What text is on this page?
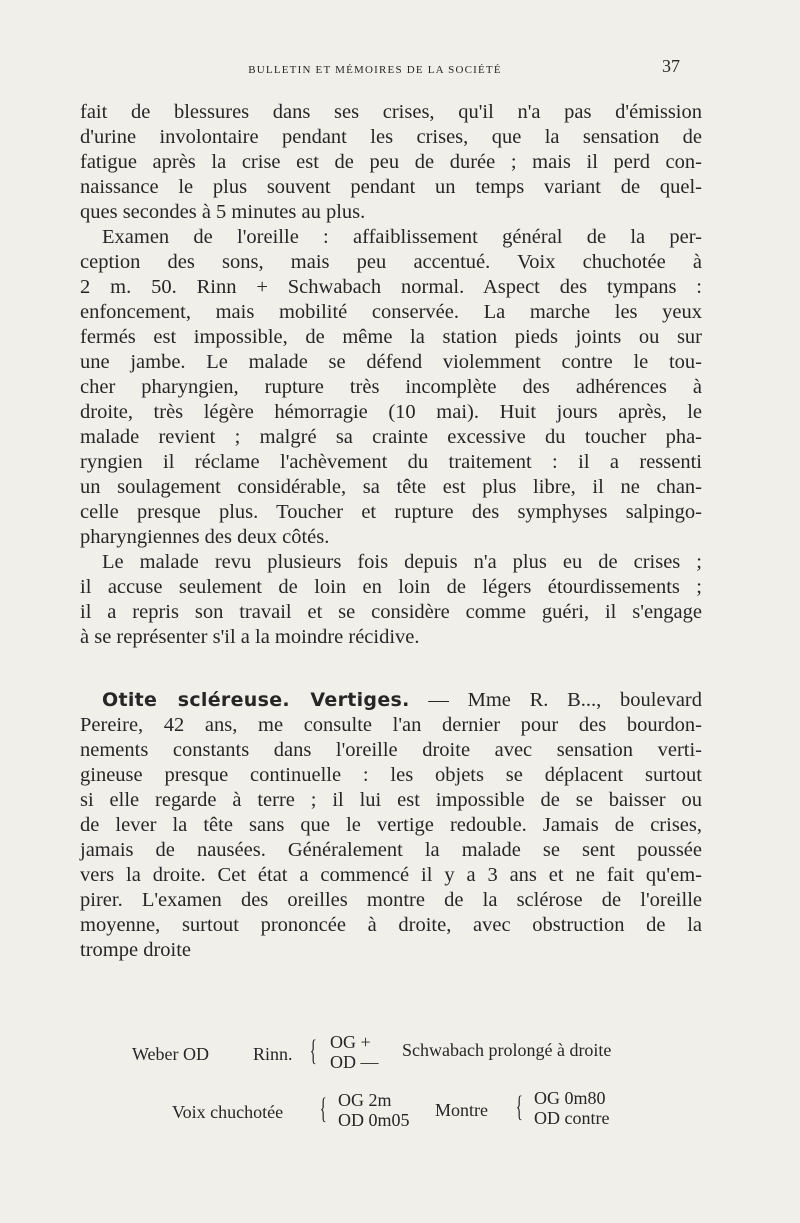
BULLETIN ET MÉMOIRES DE LA SOCIÉTÉ	37
fait de blessures dans ses crises, qu'il n'a pas d'émission
d'urine involontaire pendant les crises, que la sensation de
fatigue après la crise est de peu de durée ; mais il perd con-
naissance le plus souvent pendant un temps variant de quel-
ques secondes à 5 minutes au plus.
Examen de l'oreille : affaiblissement général de la per-
ception des sons, mais peu accentué. Voix chuchotée à
2 m. 50. Rinn + Schwabach normal. Aspect des tympans :
enfoncement, mais mobilité conservée. La marche les yeux
fermés est impossible, de même la station pieds joints ou sur
une jambe. Le malade se défend violemment contre le tou-
cher pharyngien, rupture très incomplète des adhérences à
droite, très légère hémorragie (10 mai). Huit jours après, le
malade revient ; malgré sa crainte excessive du toucher pha-
ryngien il réclame l'achèvement du traitement : il a ressenti
un soulagement considérable, sa tête est plus libre, il ne chan-
celle presque plus. Toucher et rupture des symphyses salpingo-
pharyngiennes des deux côtés.
Le malade revu plusieurs fois depuis n'a plus eu de crises ;
il accuse seulement de loin en loin de légers étourdissements ;
il a repris son travail et se considère comme guéri, il s'engage
à se représenter s'il a la moindre récidive.
Otite scléreuse. Vertiges. — Mme R. B..., boulevard
Pereire, 42 ans, me consulte l'an dernier pour des bourdon-
nements constants dans l'oreille droite avec sensation verti-
gineuse presque continuelle : les objets se déplacent surtout
si elle regarde à terre ; il lui est impossible de se baisser ou
de lever la tête sans que le vertige redouble. Jamais de crises,
jamais de nausées. Généralement la malade se sent poussée
vers la droite. Cet état a commencé il y a 3 ans et ne fait qu'em-
pirer. L'examen des oreilles montre de la sclérose de l'oreille
moyenne, surtout prononcée à droite, avec obstruction de la
trompe droite
Weber OD Rinn. { OG +
OD —
Schwabach prolongé à droite
Voix chuchotée { OG 2m
OD 0m05 Montre { OG 0m80
OD contre
